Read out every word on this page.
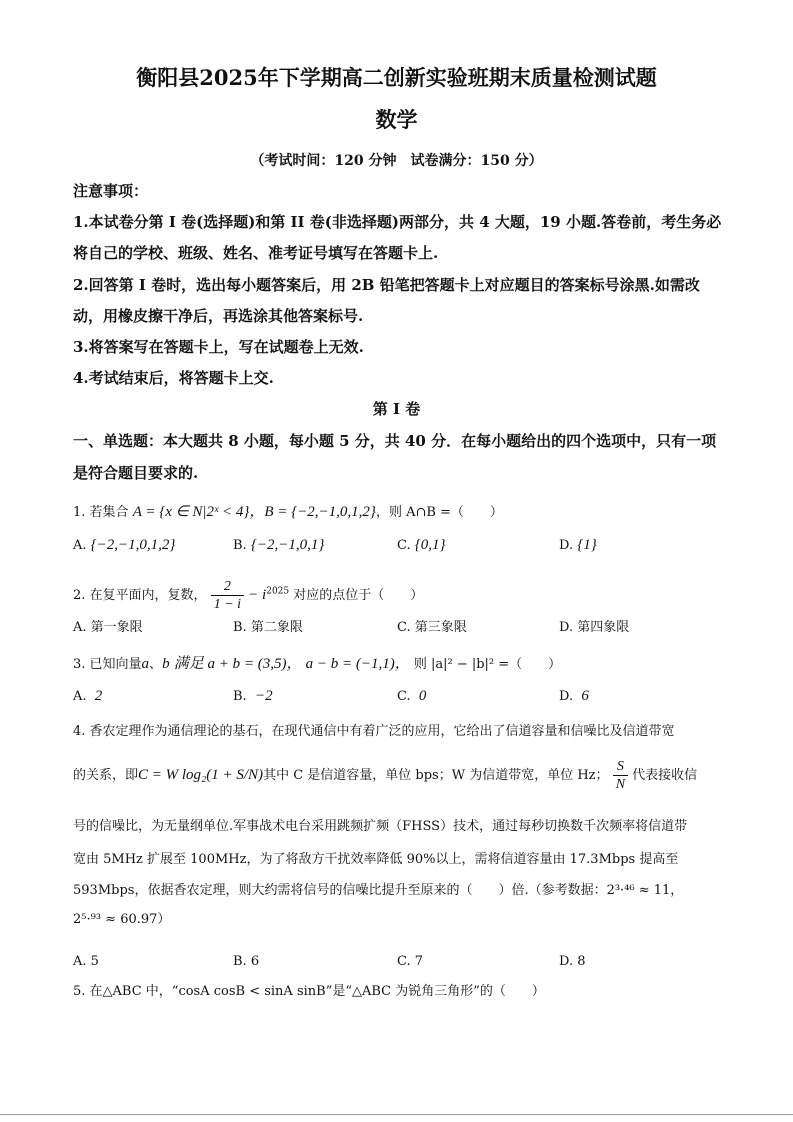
衡阳县2025年下学期高二创新实验班期末质量检测试题
数学
（考试时间：120 分钟　试卷满分：150 分）
注意事项：
1.本试卷分第 I 卷(选择题)和第 II 卷(非选择题)两部分，共 4 大题，19 小题.答卷前，考生务必将自己的学校、班级、姓名、准考证号填写在答题卡上.
2.回答第 I 卷时，选出每小题答案后，用 2B 铅笔把答题卡上对应题目的答案标号涂黑.如需改动，用橡皮擦干净后，再选涂其他答案标号.
3.将答案写在答题卡上，写在试题卷上无效.
4.考试结束后，将答题卡上交.
第 I 卷
一、单选题：本大题共 8 小题，每小题 5 分，共 40 分．在每小题给出的四个选项中，只有一项是符合题目要求的.
1. 若集合 A = {x ∈ N|2ˣ < 4}，B = {−2,−1,0,1,2}，则 A∩B =（　　）
A. {−2,−1,0,1,2}	B. {−2,−1,0,1}	C. {0,1}	D. {1}
2. 在复平面内，复数， $\frac{2}{1 - i} - i^{2025}$ 对应的点位于（　　）
A. 第一象限	B. 第二象限	C. 第三象限	D. 第四象限
3. 已知向量a、b 满足 a + b = (3,5)， a − b = (−1,1)， 则 |a|² − |b|² =（　　）
A. 2	B. −2	C. 0	D. 6
4. 香农定理作为通信理论的基石，在现代通信中有着广泛的应用，它给出了信道容量和信噪比及信道带宽
的关系，即C = W log₂(1 + S/N)其中 C 是信道容量，单位 bps；W 为信道带宽，单位 Hz； $\frac{S}{N}$ 代表接收信
号的信噪比，为无量纲单位.军事战术电台采用跳频扩频（FHSS）技术，通过每秒切换数千次频率将信道带
宽由 5MHz 扩展至 100MHz，为了将敌方干扰效率降低 90%以上，需将信道容量由 17.3Mbps 提高至
593Mbps，依据香农定理，则大约需将信号的信噪比提升至原来的（　　）倍.（参考数据：2³·⁴⁶ ≈ 11，
2⁵·⁹³ ≈ 60.97）
A. 5	B. 6	C. 7	D. 8
5. 在△ABC 中，“cosA cosB < sinA sinB”是“△ABC 为锐角三角形”的（　　）
